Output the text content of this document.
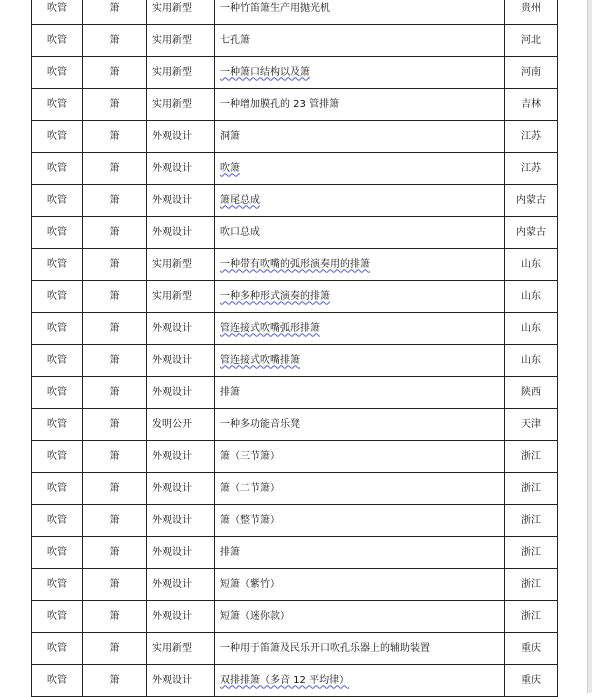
吹管	箫	实用新型	一种竹笛箫生产用抛光机	贵州
吹管	箫	实用新型	七孔箫	河北
吹管	箫	实用新型	一种箫口结构以及箫	河南
吹管	箫	实用新型	一种增加膜孔的 23 管排箫	吉林
吹管	箫	外观设计	洞箫	江苏
吹管	箫	外观设计	吹箫	江苏
吹管	箫	外观设计	箫尾总成	内蒙古
吹管	箫	外观设计	吹口总成	内蒙古
吹管	箫	实用新型	一种带有吹嘴的弧形演奏用的排箫	山东
吹管	箫	实用新型	一种多种形式演奏的排箫	山东
吹管	箫	外观设计	管连接式吹嘴弧形排箫	山东
吹管	箫	外观设计	管连接式吹嘴排箫	山东
吹管	箫	外观设计	排箫	陕西
吹管	箫	发明公开	一种多功能音乐凳	天津
吹管	箫	外观设计	箫（三节箫）	浙江
吹管	箫	外观设计	箫（二节箫）	浙江
吹管	箫	外观设计	箫（整节箫）	浙江
吹管	箫	外观设计	排箫	浙江
吹管	箫	外观设计	短箫（紫竹）	浙江
吹管	箫	外观设计	短箫（迷你款）	浙江
吹管	箫	实用新型	一种用于笛箫及民乐开口吹孔乐器上的辅助装置	重庆
吹管	箫	外观设计	双排排箫（多音 12 平均律）	重庆
